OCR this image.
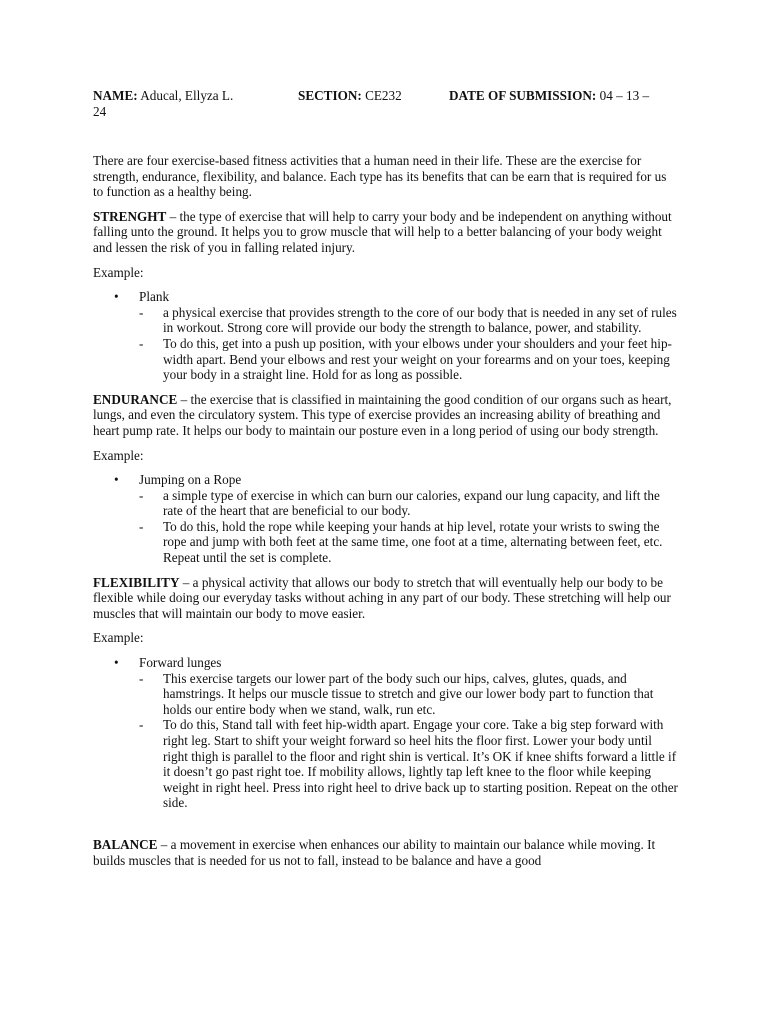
NAME: Aducal, Ellyza L.	SECTION: CE232	DATE OF SUBMISSION: 04 – 13 –
24

There are four exercise-based fitness activities that a human need in their life. These are the exercise for strength, endurance, flexibility, and balance. Each type has its benefits that can be earn that is required for us to function as a healthy being.

STRENGHT – the type of exercise that will help to carry your body and be independent on anything without falling unto the ground. It helps you to grow muscle that will help to a better balancing of your body weight and lessen the risk of you in falling related injury.

Example:

• Plank
- a physical exercise that provides strength to the core of our body that is needed in any set of rules in workout. Strong core will provide our body the strength to balance, power, and stability.
- To do this, get into a push up position, with your elbows under your shoulders and your feet hip-width apart. Bend your elbows and rest your weight on your forearms and on your toes, keeping your body in a straight line. Hold for as long as possible.

ENDURANCE – the exercise that is classified in maintaining the good condition of our organs such as heart, lungs, and even the circulatory system. This type of exercise provides an increasing ability of breathing and heart pump rate. It helps our body to maintain our posture even in a long period of using our body strength.

Example:

• Jumping on a Rope
- a simple type of exercise in which can burn our calories, expand our lung capacity, and lift the rate of the heart that are beneficial to our body.
- To do this, hold the rope while keeping your hands at hip level, rotate your wrists to swing the rope and jump with both feet at the same time, one foot at a time, alternating between feet, etc. Repeat until the set is complete.

FLEXIBILITY – a physical activity that allows our body to stretch that will eventually help our body to be flexible while doing our everyday tasks without aching in any part of our body. These stretching will help our muscles that will maintain our body to move easier.

Example:

• Forward lunges
- This exercise targets our lower part of the body such our hips, calves, glutes, quads, and hamstrings. It helps our muscle tissue to stretch and give our lower body part to function that holds our entire body when we stand, walk, run etc.
- To do this, Stand tall with feet hip-width apart. Engage your core. Take a big step forward with right leg. Start to shift your weight forward so heel hits the floor first. Lower your body until right thigh is parallel to the floor and right shin is vertical. It’s OK if knee shifts forward a little if it doesn’t go past right toe. If mobility allows, lightly tap left knee to the floor while keeping weight in right heel. Press into right heel to drive back up to starting position. Repeat on the other side.

BALANCE – a movement in exercise when enhances our ability to maintain our balance while moving. It builds muscles that is needed for us not to fall, instead to be balance and have a good
